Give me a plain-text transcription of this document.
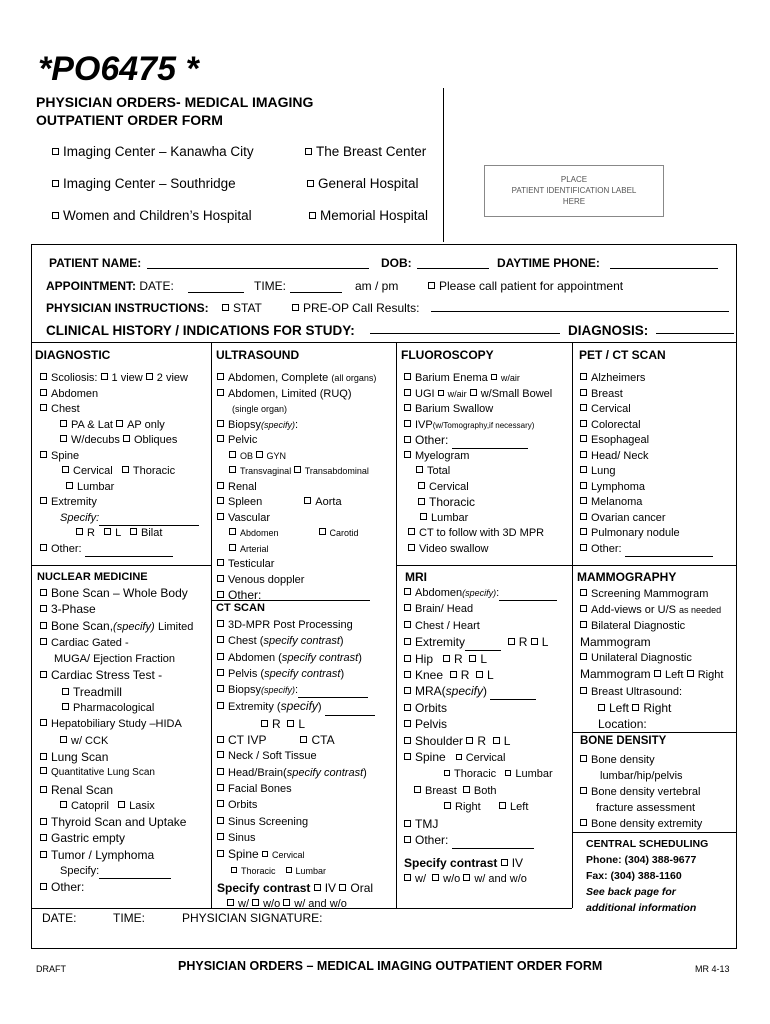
*PO6475 *
PHYSICIAN ORDERS- MEDICAL IMAGING
OUTPATIENT ORDER FORM
Imaging Center – Kanawha City
Imaging Center – Southridge
Women and Children’s Hospital
The Breast Center
General Hospital
Memorial Hospital
PLACE
PATIENT IDENTIFICATION LABEL
HERE
PATIENT NAME:	DOB:	DAYTIME PHONE:
APPOINTMENT: DATE:	TIME:	am / pm	Please call patient for appointment
PHYSICIAN INSTRUCTIONS:	STAT	PRE-OP Call Results:
CLINICAL HISTORY / INDICATIONS FOR STUDY:	DIAGNOSIS:
DIAGNOSTIC	ULTRASOUND	FLUOROSCOPY	PET / CT SCAN
Scoliosis: 1 view 2 view
Abdomen
Chest
PA & Lat AP only
W/decubs Obliques
Spine
Cervical Thoracic
Lumbar
Extremity
Specify:
R L Bilat
Other:
Abdomen, Complete (all organs)
Abdomen, Limited (RUQ)
(single organ)
Biopsy(specify):
Pelvic
OB GYN
Transvaginal Transabdominal
Renal
Spleen	Aorta
Vascular
Abdomen	Carotid
Arterial
Testicular
Venous doppler
Other:
Barium Enema w/air
UGI w/air w/Small Bowel
Barium Swallow
IVP(w/Tomography,if necessary)
Other:
Myelogram
Total
Cervical
Thoracic
Lumbar
CT to follow with 3D MPR
Video swallow
Alzheimers
Breast
Cervical
Colorectal
Esophageal
Head/ Neck
Lung
Lymphoma
Melanoma
Ovarian cancer
Pulmonary nodule
Other:
NUCLEAR MEDICINE	MRI	MAMMOGRAPHY
CT SCAN
Bone Scan – Whole Body
3-Phase
Bone Scan,(specify) Limited
Cardiac Gated -
MUGA/ Ejection Fraction
Cardiac Stress Test -
Treadmill
Pharmacological
Hepatobiliary Study –HIDA
w/ CCK
Lung Scan
Quantitative Lung Scan
Renal Scan
Catopril Lasix
Thyroid Scan and Uptake
Gastric empty
Tumor / Lymphoma
Specify:
Other:
3D-MPR Post Processing
Chest (specify contrast)
Abdomen (specify contrast)
Pelvis (specify contrast)
Biopsy(specify):
Extremity (specify)
R L
CT IVP	CTA
Neck / Soft Tissue
Head/Brain(specify contrast)
Facial Bones
Orbits
Sinus Screening
Sinus
Spine Cervical
Thoracic Lumbar
Specify contrast IV Oral
w/ w/o w/ and w/o
Abdomen(specify):
Brain/ Head
Chest / Heart
Extremity	R L
Hip R L
Knee R L
MRA(specify)
Orbits
Pelvis
Shoulder R L
Spine Cervical
Thoracic Lumbar
Breast Both
Right	Left
TMJ
Other:
Specify contrast IV
w/ w/o w/ and w/o
Screening Mammogram
Add-views or U/S as needed
Bilateral Diagnostic
Mammogram
Unilateral Diagnostic
Mammogram Left Right
Breast Ultrasound:
Left Right
Location:
BONE DENSITY
Bone density
lumbar/hip/pelvis
Bone density vertebral
fracture assessment
Bone density extremity
CENTRAL SCHEDULING
Phone: (304) 388-9677
Fax: (304) 388-1160
See back page for
additional information
DATE:	TIME:	PHYSICIAN SIGNATURE:
DRAFT	PHYSICIAN ORDERS – MEDICAL IMAGING OUTPATIENT ORDER FORM	MR 4-13
